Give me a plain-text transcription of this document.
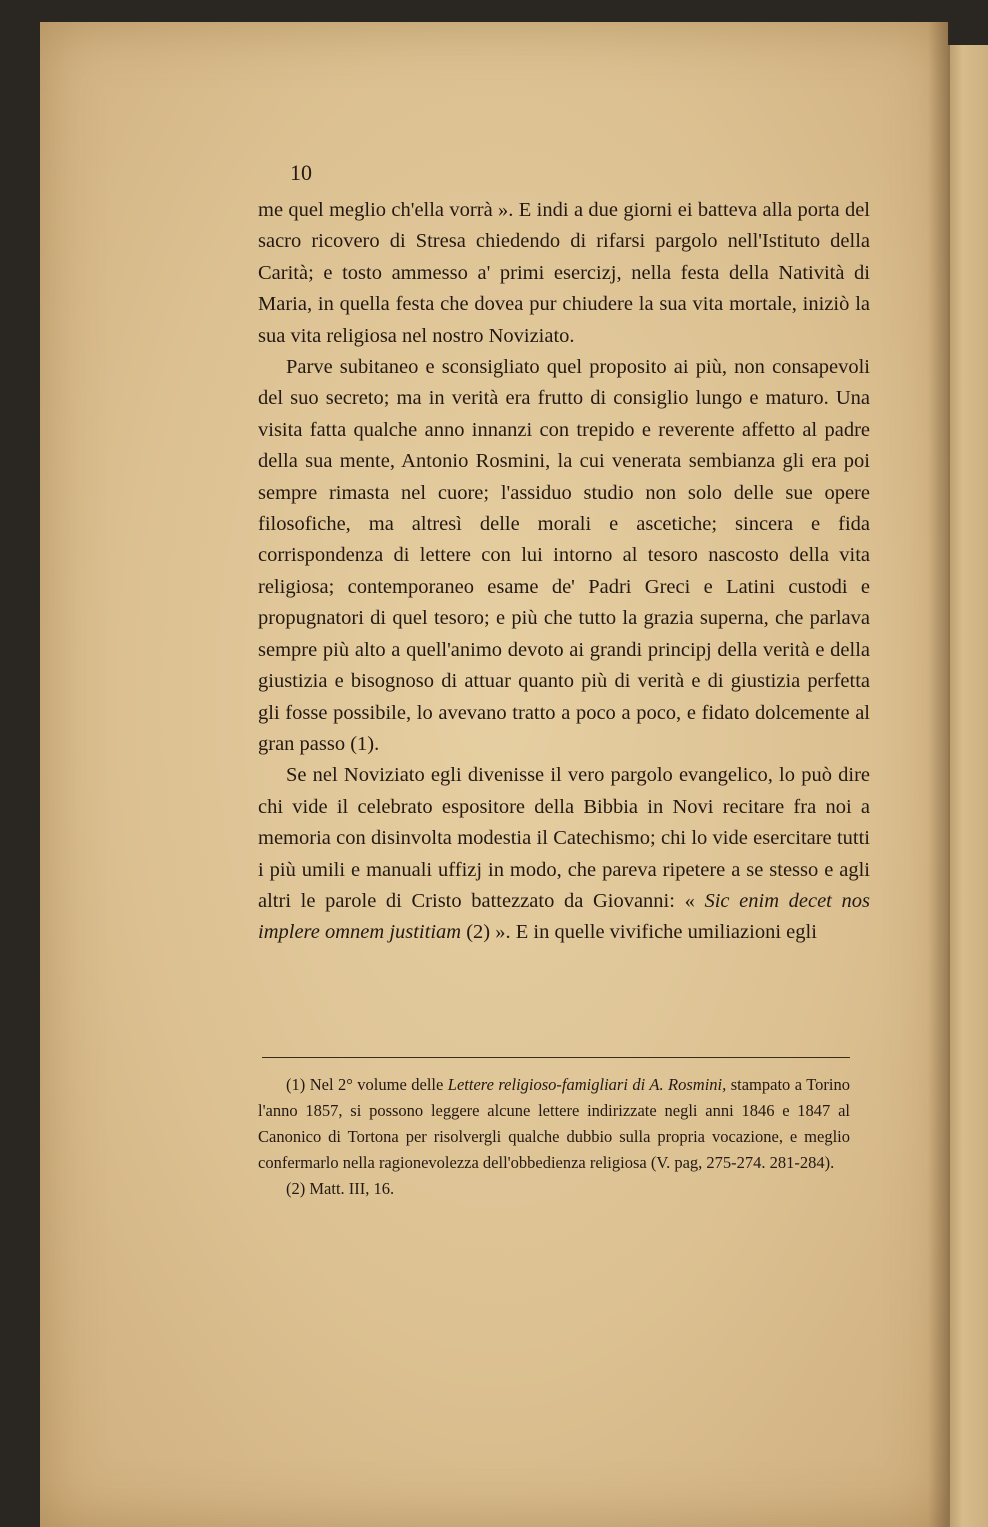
10

me quel meglio ch'ella vorrà ». E indi a due giorni ei batteva alla porta del sacro ricovero di Stresa chiedendo di rifarsi pargolo nell'Istituto della Carità; e tosto ammesso a' primi esercizj, nella festa della Natività di Maria, in quella festa che dovea pur chiudere la sua vita mortale, iniziò la sua vita religiosa nel nostro Noviziato.

Parve subitaneo e sconsigliato quel proposito ai più, non consapevoli del suo secreto; ma in verità era frutto di consiglio lungo e maturo. Una visita fatta qualche anno innanzi con trepido e reverente affetto al padre della sua mente, Antonio Rosmini, la cui venerata sembianza gli era poi sempre rimasta nel cuore; l'assiduo studio non solo delle sue opere filosofiche, ma altresì delle morali e ascetiche; sincera e fida corrispondenza di lettere con lui intorno al tesoro nascosto della vita religiosa; contemporaneo esame de' Padri Greci e Latini custodi e propugnatori di quel tesoro; e più che tutto la grazia superna, che parlava sempre più alto a quell'animo devoto ai grandi principj della verità e della giustizia e bisognoso di attuar quanto più di verità e di giustizia perfetta gli fosse possibile, lo avevano tratto a poco a poco, e fidato dolcemente al gran passo (1).

Se nel Noviziato egli divenisse il vero pargolo evangelico, lo può dire chi vide il celebrato espositore della Bibbia in Novi recitare fra noi a memoria con disinvolta modestia il Catechismo; chi lo vide esercitare tutti i più umili e manuali uffizj in modo, che pareva ripetere a se stesso e agli altri le parole di Cristo battezzato da Giovanni: « Sic enim decet nos implere omnem justitiam (2) ». E in quelle vivifiche umiliazioni egli

(1) Nel 2° volume delle Lettere religioso-famigliari di A. Rosmini, stampato a Torino l'anno 1857, si possono leggere alcune lettere indirizzate negli anni 1846 e 1847 al Canonico di Tortona per risolvergli qualche dubbio sulla propria vocazione, e meglio confermarlo nella ragionevolezza dell'obbedienza religiosa (V. pag, 275-274. 281-284).

(2) Matt. III, 16.
